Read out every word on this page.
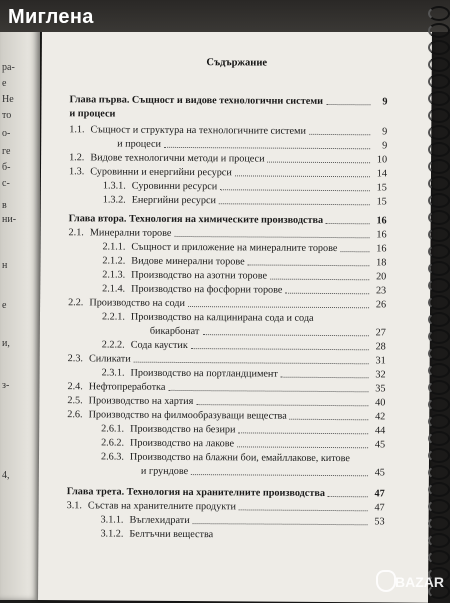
ра-
е
Не
то
о-
ге
б-
с-
в
ни-
н
е
и,
з-
4,
Съдържание
Глава първа. Същност и видове технологични системи	9
и процеси
1.1. Същност и структура на технологичните системи	9
и процеси	9
1.2. Видове технологични методи и процеси	10
1.3. Суровинни и енергийни ресурси	14
1.3.1. Суровинни ресурси	15
1.3.2. Енергийни ресурси	15
Глава втора. Технология на химическите производства	16
2.1. Минерални торове	16
2.1.1. Същност и приложение на минералните торове	16
2.1.2. Видове минерални торове	18
2.1.3. Производство на азотни торове	20
2.1.4. Производство на фосфорни торове	23
2.2. Производство на соди	26
2.2.1. Производство на калцинирана сода и сода
бикарбонат	27
2.2.2. Сода каустик	28
2.3. Силикати	31
2.3.1. Производство на портландцимент	32
2.4. Нефтопреработка	35
2.5. Производство на хартия	40
2.6. Производство на филмообразуващи вещества	42
2.6.1. Производство на безири	44
2.6.2. Производство на лакове	45
2.6.3. Производство на блажни бои, емайллакове, китове
и грундове	45
Глава трета. Технология на хранителните производства	47
3.1. Състав на хранителните продукти	47
3.1.1. Въглехидрати	53
3.1.2. Белтъчни вещества
Миглена
BAZAR
